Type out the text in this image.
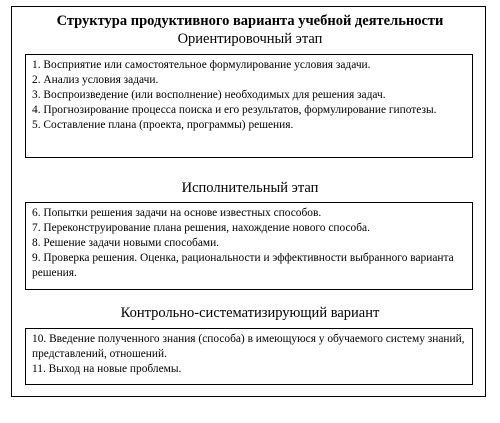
Структура продуктивного варианта учебной деятельности
Ориентировочный этап
1. Восприятие или самостоятельное формулирование условия задачи.
2. Анализ условия задачи.
3. Воспроизведение (или восполнение) необходимых для решения задач.
4. Прогнозирование процесса поиска и его результатов, формулирование гипотезы.
5. Составление плана (проекта, программы) решения.
Исполнительный этап
6. Попытки решения задачи на основе известных способов.
7. Переконструирование плана решения, нахождение нового способа.
8. Решение задачи новыми способами.
9. Проверка решения. Оценка, рациональности и эффективности выбранного варианта решения.
Контрольно-систематизирующий вариант
10. Введение полученного знания (способа) в имеющуюся у обучаемого систему знаний, представлений, отношений.
11. Выход на новые проблемы.
